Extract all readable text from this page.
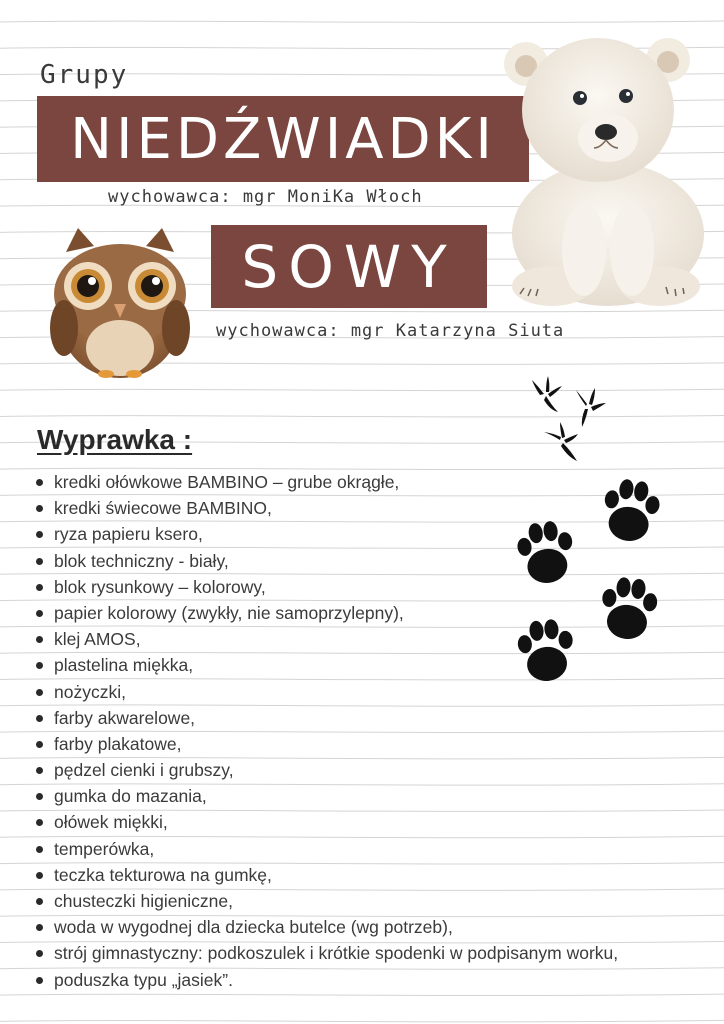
Grupy
NIEDŹWIADKI
wychowawca: mgr MoniKa Włoch
SOWY
wychowawca: mgr Katarzyna Siuta
Wyprawka :
kredki ołówkowe BAMBINO – grube okrągłe,
kredki świecowe BAMBINO,
ryza papieru ksero,
blok techniczny - biały,
blok rysunkowy – kolorowy,
papier kolorowy (zwykły, nie samoprzylepny),
klej AMOS,
plastelina miękka,
nożyczki,
farby akwarelowe,
farby plakatowe,
pędzel cienki i grubszy,
gumka do mazania,
ołówek miękki,
temperówka,
teczka tekturowa na gumkę,
chusteczki higieniczne,
woda w wygodnej dla dziecka butelce (wg potrzeb),
strój gimnastyczny: podkoszulek i krótkie spodenki w podpisanym worku,
poduszka typu „jasiek”.
